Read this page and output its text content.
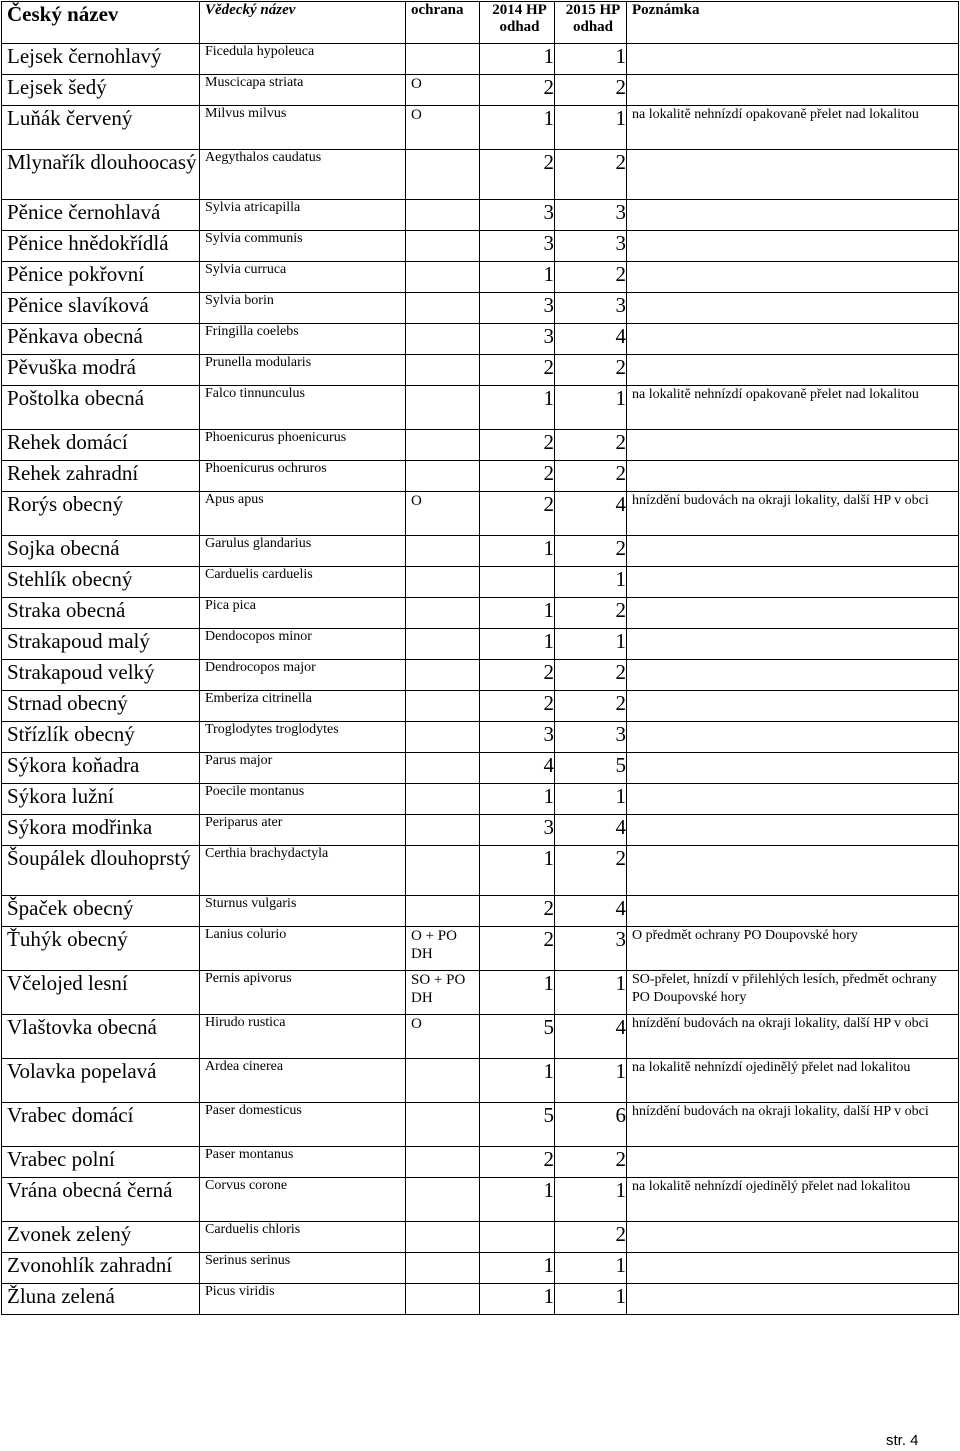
Český název	Vědecký název	ochrana	2014 HP odhad	2015 HP odhad	Poznámka
Lejsek černohlavý	Ficedula hypoleuca		1	1	
Lejsek šedý	Muscicapa striata	O	2	2	
Luňák červený	Milvus milvus	O	1	1	na lokalitě nehnízdí opakovaně přelet nad lokalitou
Mlynařík dlouhoocasý	Aegythalos caudatus		2	2	
Pěnice černohlavá	Sylvia atricapilla		3	3	
Pěnice hnědokřídlá	Sylvia communis		3	3	
Pěnice pokřovní	Sylvia curruca		1	2	
Pěnice slavíková	Sylvia borin		3	3	
Pěnkava obecná	Fringilla coelebs		3	4	
Pěvuška modrá	Prunella modularis		2	2	
Poštolka obecná	Falco tinnunculus		1	1	na lokalitě nehnízdí opakovaně přelet nad lokalitou
Rehek domácí	Phoenicurus phoenicurus		2	2	
Rehek zahradní	Phoenicurus ochruros		2	2	
Rorýs obecný	Apus apus	O	2	4	hnízdění budovách na okraji lokality, další HP v obci
Sojka obecná	Garulus glandarius		1	2	
Stehlík obecný	Carduelis carduelis			1	
Straka obecná	Pica pica		1	2	
Strakapoud malý	Dendocopos minor		1	1	
Strakapoud velký	Dendrocopos major		2	2	
Strnad obecný	Emberiza citrinella		2	2	
Střízlík obecný	Troglodytes troglodytes		3	3	
Sýkora koňadra	Parus major		4	5	
Sýkora lužní	Poecile montanus		1	1	
Sýkora modřinka	Periparus ater		3	4	
Šoupálek dlouhoprstý	Certhia brachydactyla		1	2	
Špaček obecný	Sturnus vulgaris		2	4	
Ťuhýk obecný	Lanius colurio	O + PO DH	2	3	O předmět ochrany PO Doupovské hory
Včelojed lesní	Pernis apivorus	SO + PO DH	1	1	SO-přelet, hnízdí v přilehlých lesích, předmět ochrany PO Doupovské hory
Vlaštovka obecná	Hirudo rustica	O	5	4	hnízdění budovách na okraji lokality, další HP v obci
Volavka popelavá	Ardea cinerea		1	1	na lokalitě nehnízdí ojedinělý přelet nad lokalitou
Vrabec domácí	Paser domesticus		5	6	hnízdění budovách na okraji lokality, další HP v obci
Vrabec polní	Paser montanus		2	2	
Vrána obecná černá	Corvus corone		1	1	na lokalitě nehnízdí ojedinělý přelet nad lokalitou
Zvonek zelený	Carduelis chloris			2	
Zvonohlík zahradní	Serinus serinus		1	1	
Žluna zelená	Picus viridis		1	1	
str. 4
